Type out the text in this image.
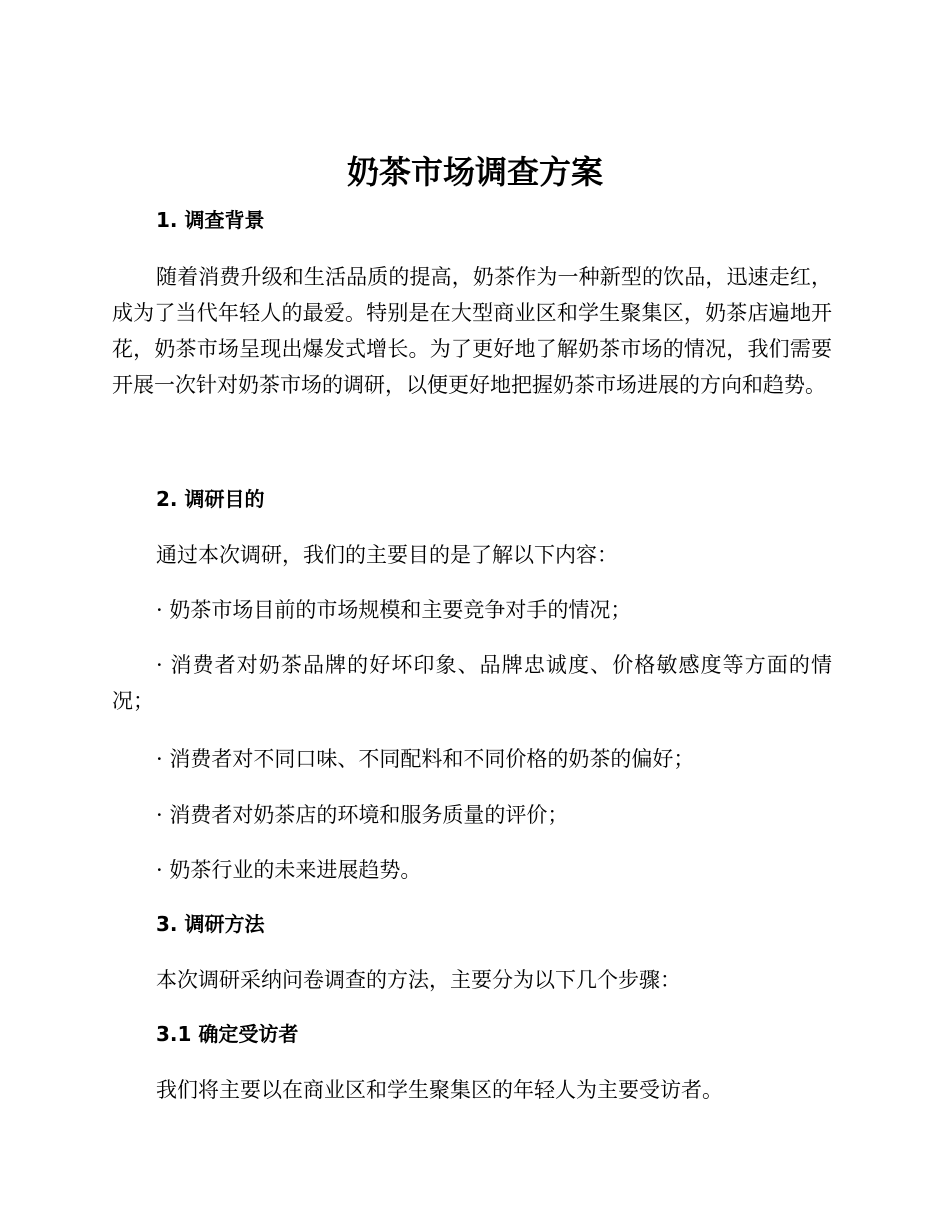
奶茶市场调查方案
1. 调查背景

随着消费升级和生活品质的提高，奶茶作为一种新型的饮品，迅速走红，成为了当代年轻人的最爱。特别是在大型商业区和学生聚集区，奶茶店遍地开花，奶茶市场呈现出爆发式增长。为了更好地了解奶茶市场的情况，我们需要开展一次针对奶茶市场的调研，以便更好地把握奶茶市场进展的方向和趋势。

2. 调研目的

通过本次调研，我们的主要目的是了解以下内容：

· 奶茶市场目前的市场规模和主要竞争对手的情况；

· 消费者对奶茶品牌的好坏印象、品牌忠诚度、价格敏感度等方面的情况；

· 消费者对不同口味、不同配料和不同价格的奶茶的偏好；

· 消费者对奶茶店的环境和服务质量的评价；

· 奶茶行业的未来进展趋势。

3. 调研方法

本次调研采纳问卷调查的方法，主要分为以下几个步骤：

3.1 确定受访者

我们将主要以在商业区和学生聚集区的年轻人为主要受访者。
